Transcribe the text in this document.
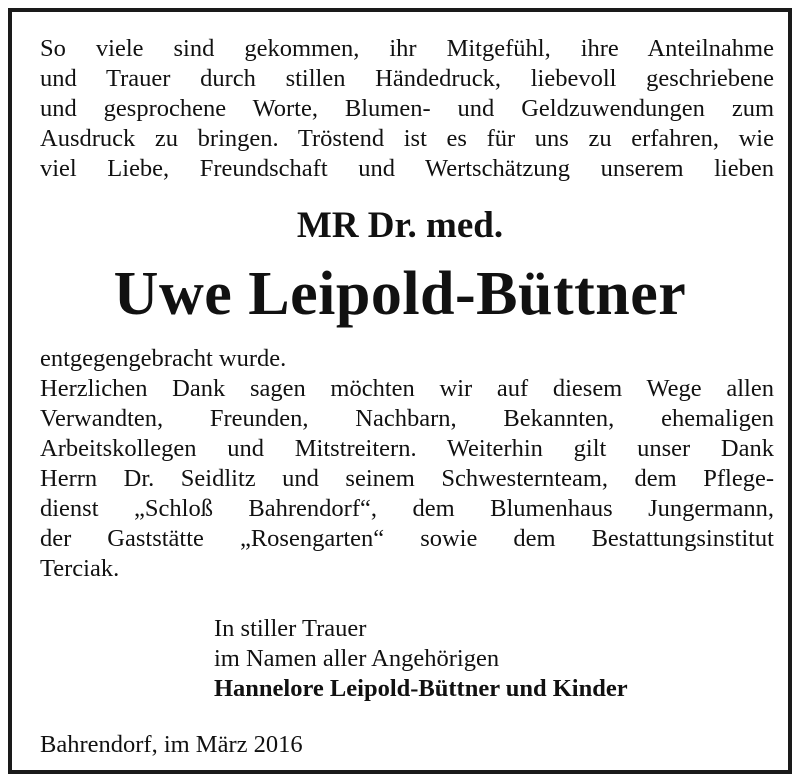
So viele sind gekommen, ihr Mitgefühl, ihre Anteilnahme
und Trauer durch stillen Händedruck, liebevoll geschriebene
und gesprochene Worte, Blumen- und Geldzuwendungen zum
Ausdruck zu bringen. Tröstend ist es für uns zu erfahren, wie
viel Liebe, Freundschaft und Wertschätzung unserem lieben

MR Dr. med.

Uwe Leipold-Büttner

entgegengebracht wurde.
Herzlichen Dank sagen möchten wir auf diesem Wege allen
Verwandten, Freunden, Nachbarn, Bekannten, ehemaligen
Arbeitskollegen und Mitstreitern. Weiterhin gilt unser Dank
Herrn Dr. Seidlitz und seinem Schwesternteam, dem Pflege-
dienst „Schloß Bahrendorf“, dem Blumenhaus Jungermann,
der Gaststätte „Rosengarten“ sowie dem Bestattungsinstitut
Terciak.

In stiller Trauer
im Namen aller Angehörigen
Hannelore Leipold-Büttner und Kinder

Bahrendorf, im März 2016
